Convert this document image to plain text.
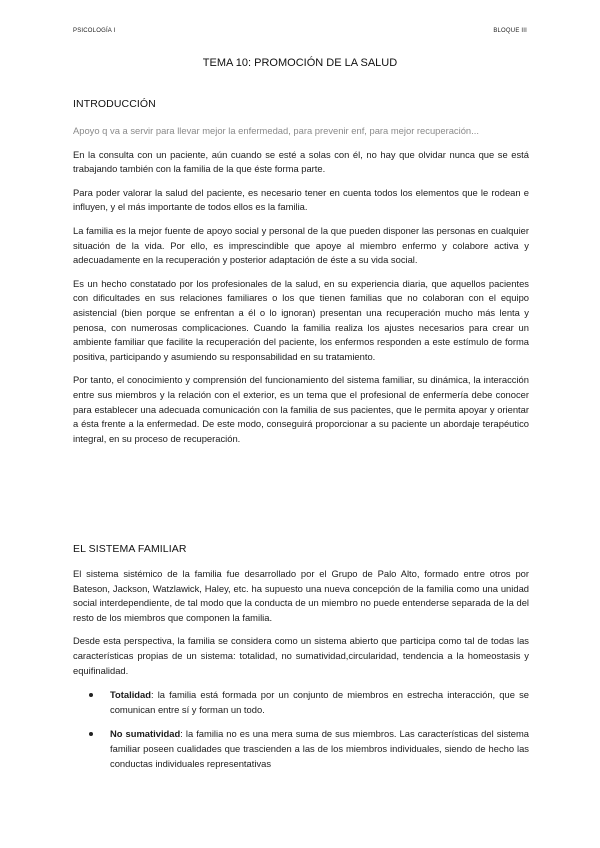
PSICOLOGÍA I	BLOQUE III
TEMA 10: PROMOCIÓN DE LA SALUD
INTRODUCCIÓN

Apoyo q va a servir para llevar mejor la enfermedad, para prevenir enf, para mejor recuperación...

En la consulta con un paciente, aún cuando se esté a solas con él, no hay que olvidar nunca que se está trabajando también con la familia de la que éste forma parte.

Para poder valorar la salud del paciente, es necesario tener en cuenta todos los elementos que le rodean e influyen, y el más importante de todos ellos es la familia.

La familia es la mejor fuente de apoyo social y personal de la que pueden disponer las personas en cualquier situación de la vida. Por ello, es imprescindible que apoye al miembro enfermo y colabore activa y adecuadamente en la recuperación y posterior adaptación de éste a su vida social.

Es un hecho constatado por los profesionales de la salud, en su experiencia diaria, que aquellos pacientes con dificultades en sus relaciones familiares o los que tienen familias que no colaboran con el equipo asistencial (bien porque se enfrentan a él o lo ignoran) presentan una recuperación mucho más lenta y penosa, con numerosas complicaciones. Cuando la familia realiza los ajustes necesarios para crear un ambiente familiar que facilite la recuperación del paciente, los enfermos responden a este estímulo de forma positiva, participando y asumiendo su responsabilidad en su tratamiento.

Por tanto, el conocimiento y comprensión del funcionamiento del sistema familiar, su dinámica, la interacción entre sus miembros y la relación con el exterior, es un tema que el profesional de enfermería debe conocer para establecer una adecuada comunicación con la familia de sus pacientes, que le permita apoyar y orientar a ésta frente a la enfermedad. De este modo, conseguirá proporcionar a su paciente un abordaje terapéutico integral, en su proceso de recuperación.

EL SISTEMA FAMILIAR

El sistema sistémico de la familia fue desarrollado por el Grupo de Palo Alto, formado entre otros por Bateson, Jackson, Watzlawick, Haley, etc. ha supuesto una nueva concepción de la familia como una unidad social interdependiente, de tal modo que la conducta de un miembro no puede entenderse separada de la del resto de los miembros que componen la familia.

Desde esta perspectiva, la familia se considera como un sistema abierto que participa como tal de todas las características propias de un sistema: totalidad, no sumatividad,circularidad, tendencia a la homeostasis y equifinalidad.

Totalidad: la familia está formada por un conjunto de miembros en estrecha interacción, que se comunican entre sí y forman un todo.
No sumatividad: la familia no es una mera suma de sus miembros. Las características del sistema familiar poseen cualidades que trascienden a las de los miembros individuales, siendo de hecho las conductas individuales representativas
